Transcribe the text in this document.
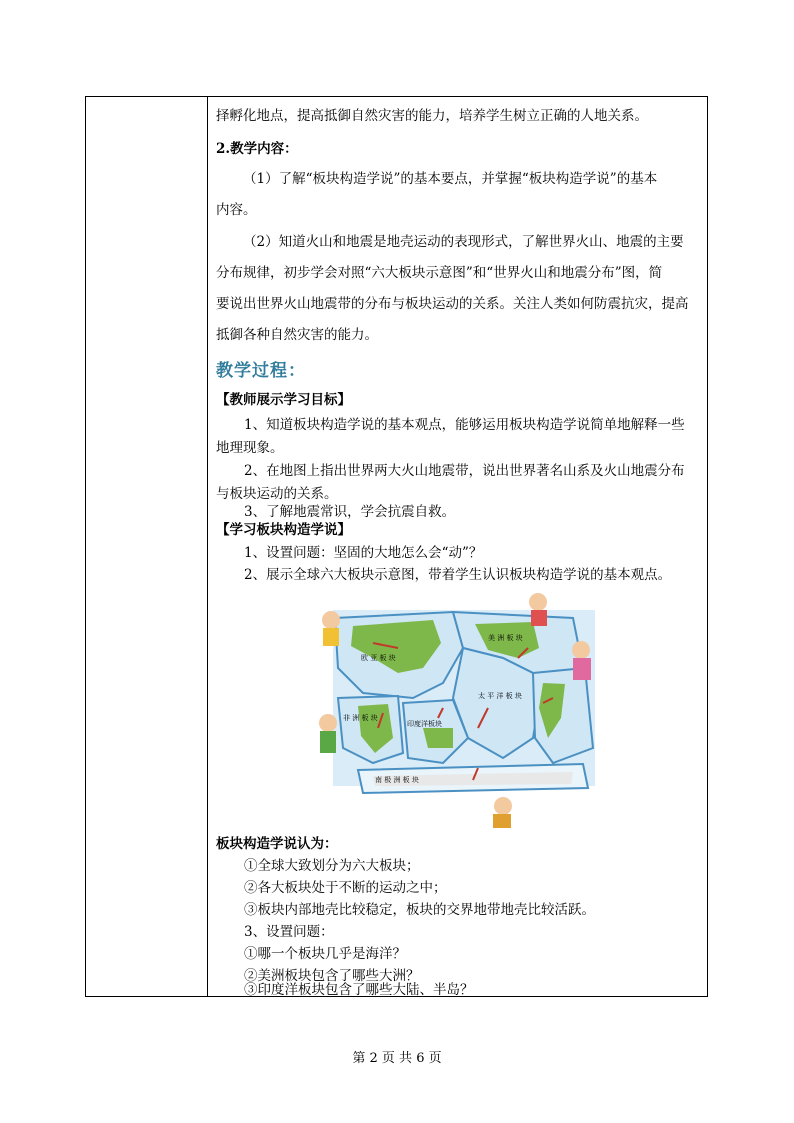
择孵化地点，提高抵御自然灾害的能力，培养学生树立正确的人地关系。
2.教学内容：
（1）了解“板块构造学说”的基本要点，并掌握“板块构造学说”的基本
内容。
（2）知道火山和地震是地壳运动的表现形式，了解世界火山、地震的主要
分布规律，初步学会对照“六大板块示意图”和“世界火山和地震分布”图，简
要说出世界火山地震带的分布与板块运动的关系。关注人类如何防震抗灾，提高
抵御各种自然灾害的能力。
教学过程：
【教师展示学习目标】
1、知道板块构造学说的基本观点，能够运用板块构造学说简单地解释一些
地理现象。
2、在地图上指出世界两大火山地震带，说出世界著名山系及火山地震分布
与板块运动的关系。
3、了解地震常识，学会抗震自救。
【学习板块构造学说】
1、设置问题：坚固的大地怎么会“动”？
2、展示全球六大板块示意图，带着学生认识板块构造学说的基本观点。
欧 亚 板 块
美 洲 板 块
太 平 洋 板 块
非 洲 板 块
印度洋板块
南 极 洲 板 块
板块构造学说认为：
①全球大致划分为六大板块；
②各大板块处于不断的运动之中；
③板块内部地壳比较稳定，板块的交界地带地壳比较活跃。
3、设置问题：
①哪一个板块几乎是海洋？
②美洲板块包含了哪些大洲？
③印度洋板块包含了哪些大陆、半岛？
第 2 页 共 6 页
